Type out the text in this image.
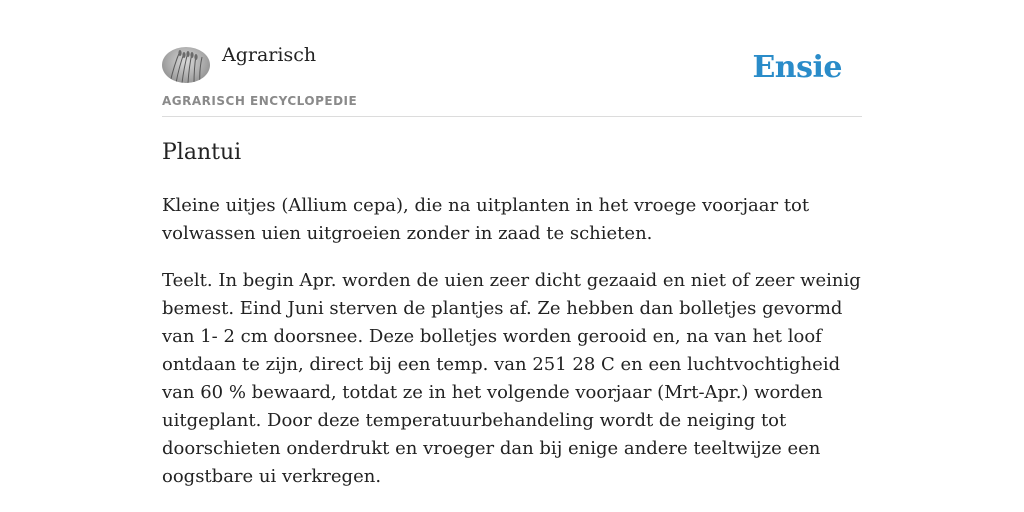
Agrarisch

AGRARISCH ENCYCLOPEDIE

Ensie
Plantui

Kleine uitjes (Allium cepa), die na uitplanten in het vroege voorjaar tot volwassen uien uitgroeien zonder in zaad te schieten.

Teelt. In begin Apr. worden de uien zeer dicht gezaaid en niet of zeer weinig bemest. Eind Juni sterven de plantjes af. Ze hebben dan bolletjes gevormd van 1- 2 cm doorsnee. Deze bolletjes worden gerooid en, na van het loof ontdaan te zijn, direct bij een temp. van 251 28 C en een luchtvochtigheid van 60 % bewaard, totdat ze in het volgende voorjaar (Mrt-Apr.) worden uitgeplant. Door deze temperatuurbehandeling wordt de neiging tot doorschieten onderdrukt en vroeger dan bij enige andere teeltwijze een oogstbare ui verkregen.
